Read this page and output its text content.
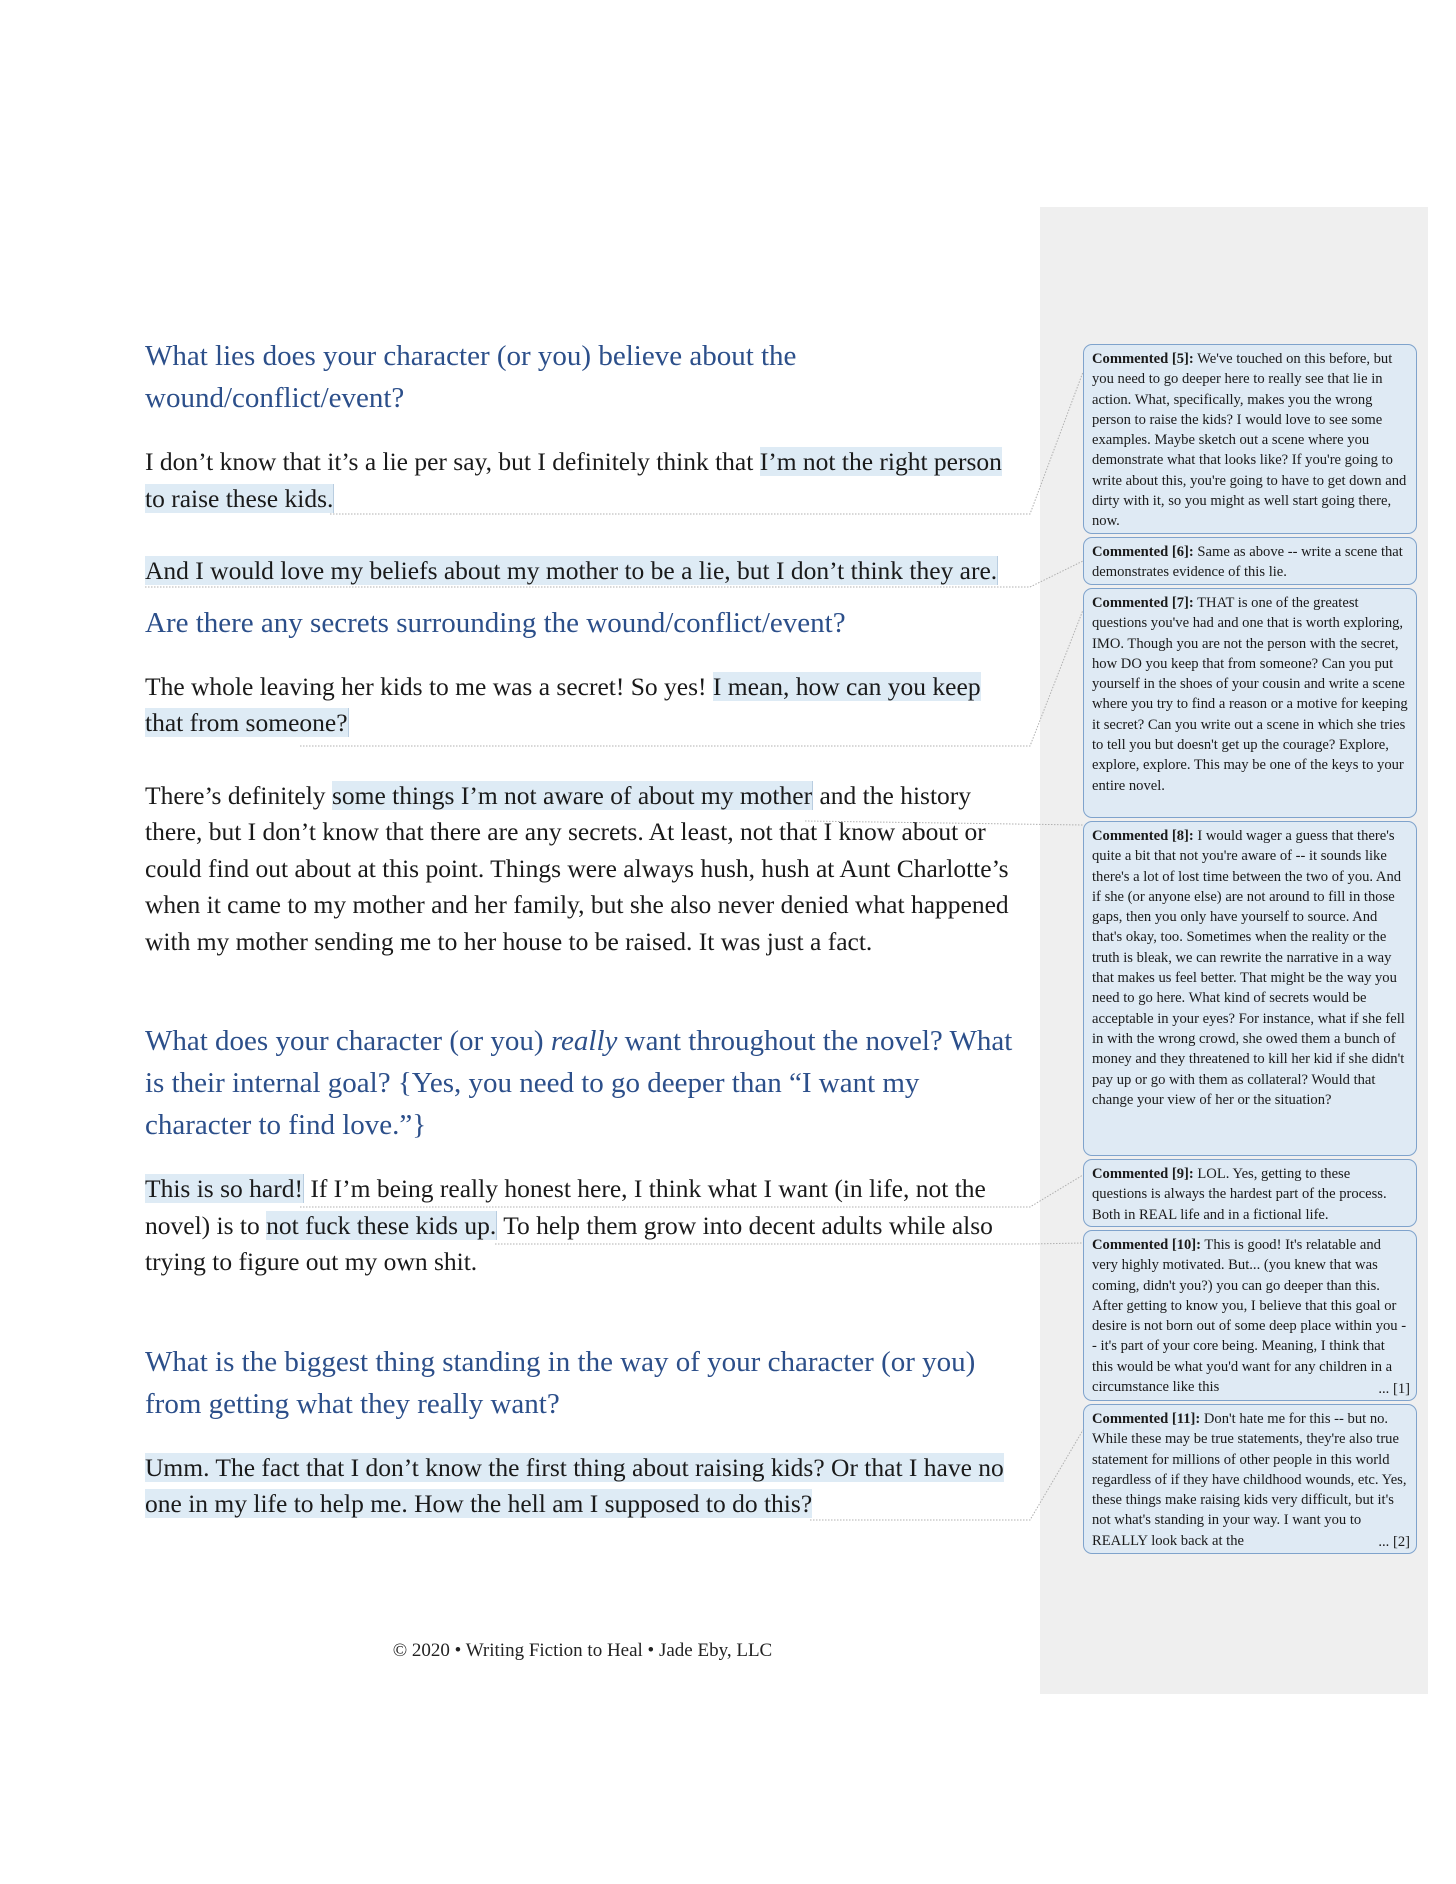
What lies does your character (or you) believe about the wound/conflict/event?

I don’t know that it’s a lie per say, but I definitely think that I’m not the right person to raise these kids.

And I would love my beliefs about my mother to be a lie, but I don’t think they are.

Are there any secrets surrounding the wound/conflict/event?

The whole leaving her kids to me was a secret! So yes! I mean, how can you keep that from someone?

There’s definitely some things I’m not aware of about my mother and the history there, but I don’t know that there are any secrets. At least, not that I know about or could find out about at this point. Things were always hush, hush at Aunt Charlotte’s when it came to my mother and her family, but she also never denied what happened with my mother sending me to her house to be raised. It was just a fact.

What does your character (or you) really want throughout the novel? What is their internal goal? {Yes, you need to go deeper than “I want my character to find love.”}

This is so hard! If I’m being really honest here, I think what I want (in life, not the novel) is to not fuck these kids up. To help them grow into decent adults while also trying to figure out my own shit.

What is the biggest thing standing in the way of your character (or you) from getting what they really want?

Umm. The fact that I don’t know the first thing about raising kids? Or that I have no one in my life to help me. How the hell am I supposed to do this?

Commented [5]: We've touched on this before, but you need to go deeper here to really see that lie in action. What, specifically, makes you the wrong person to raise the kids? I would love to see some examples. Maybe sketch out a scene where you demonstrate what that looks like? If you're going to write about this, you're going to have to get down and dirty with it, so you might as well start going there, now.
Commented [6]: Same as above -- write a scene that demonstrates evidence of this lie.
Commented [7]: THAT is one of the greatest questions you've had and one that is worth exploring, IMO. Though you are not the person with the secret, how DO you keep that from someone? Can you put yourself in the shoes of your cousin and write a scene where you try to find a reason or a motive for keeping it secret? Can you write out a scene in which she tries to tell you but doesn't get up the courage? Explore, explore, explore. This may be one of the keys to your entire novel.
Commented [8]: I would wager a guess that there's quite a bit that not you're aware of -- it sounds like there's a lot of lost time between the two of you. And if she (or anyone else) are not around to fill in those gaps, then you only have yourself to source. And that's okay, too. Sometimes when the reality or the truth is bleak, we can rewrite the narrative in a way that makes us feel better. That might be the way you need to go here. What kind of secrets would be acceptable in your eyes? For instance, what if she fell in with the wrong crowd, she owed them a bunch of money and they threatened to kill her kid if she didn't pay up or go with them as collateral? Would that change your view of her or the situation?
Commented [9]: LOL. Yes, getting to these questions is always the hardest part of the process. Both in REAL life and in a fictional life.
Commented [10]: This is good! It's relatable and very highly motivated. But... (you knew that was coming, didn't you?) you can go deeper than this. After getting to know you, I believe that this goal or desire is not born out of some deep place within you -- it's part of your core being. Meaning, I think that this would be what you'd want for any children in a circumstance like this	... [1]
Commented [11]: Don't hate me for this -- but no. While these may be true statements, they're also true statement for millions of other people in this world regardless of if they have childhood wounds, etc. Yes, these things make raising kids very difficult, but it's not what's standing in your way. I want you to REALLY look back at the	... [2]
© 2020 • Writing Fiction to Heal • Jade Eby, LLC
